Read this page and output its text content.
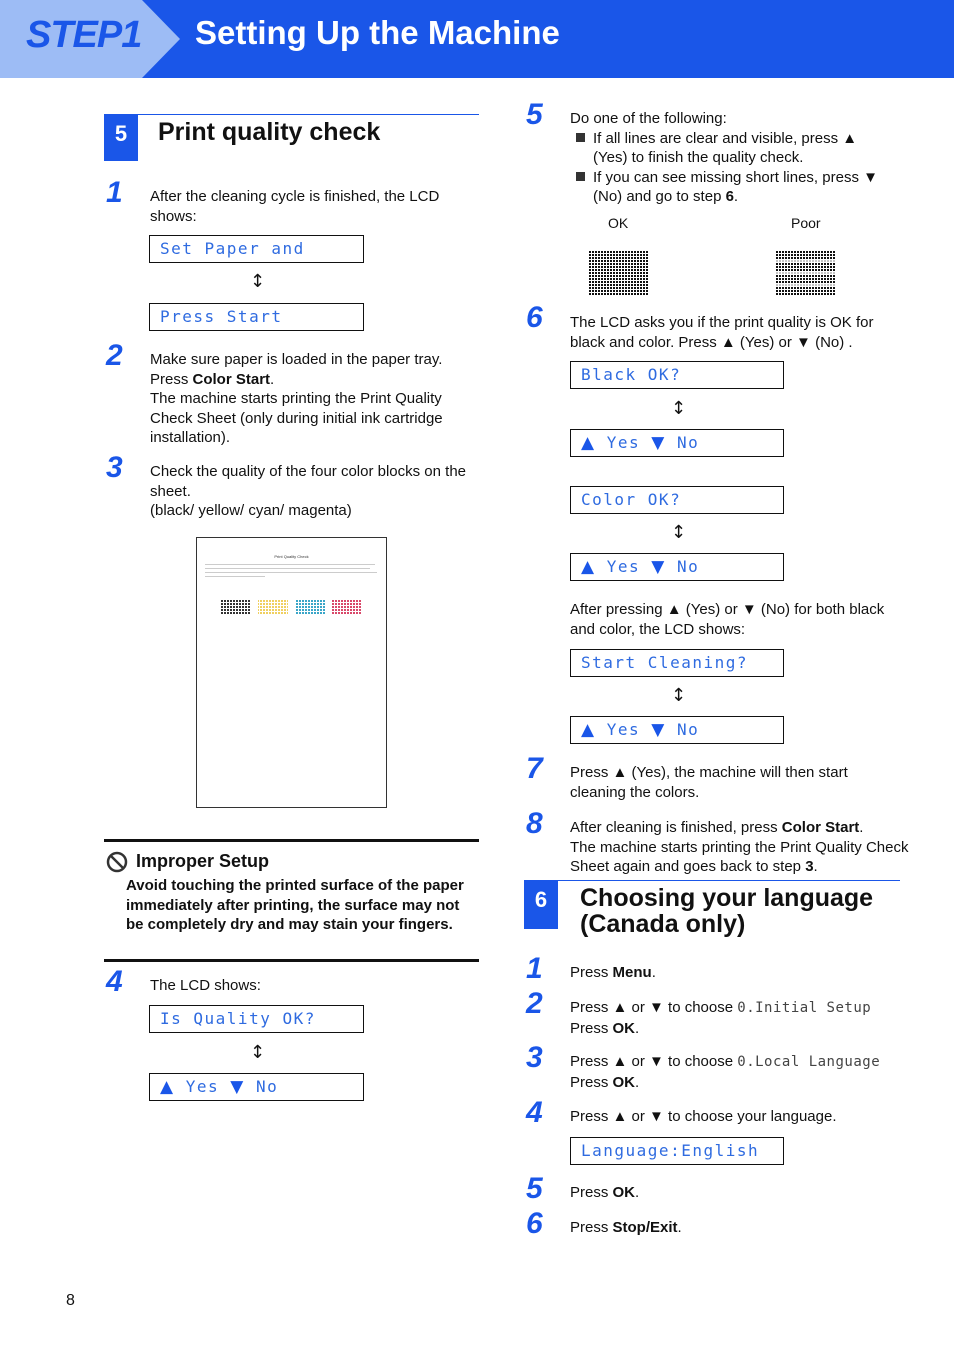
STEP1 Setting Up the Machine
5	Print quality check
1 After the cleaning cycle is finished, the LCD shows:
Set Paper and
↕
Press Start
2 Make sure paper is loaded in the paper tray.
Press Color Start.
The machine starts printing the Print Quality Check Sheet (only during initial ink cartridge installation).
3 Check the quality of the four color blocks on the sheet.
(black/ yellow/ cyan/ magenta)
Print Quality Check
Improper Setup
Avoid touching the printed surface of the paper immediately after printing, the surface may not be completely dry and may stain your fingers.
4 The LCD shows:
Is Quality OK?
↕
▲ Yes ▼ No
5 Do one of the following:
If all lines are clear and visible, press ▲
(Yes) to finish the quality check.
If you can see missing short lines, press ▼
(No) and go to step 6.
OK	Poor
6 The LCD asks you if the print quality is OK for black and color. Press ▲ (Yes) or ▼ (No) .
Black OK?
↕
▲ Yes ▼ No
Color OK?
↕
▲ Yes ▼ No
After pressing ▲ (Yes) or ▼ (No) for both black and color, the LCD shows:
Start Cleaning?
↕
▲ Yes ▼ No
7 Press ▲ (Yes), the machine will then start cleaning the colors.
8 After cleaning is finished, press Color Start.
The machine starts printing the Print Quality Check Sheet again and goes back to step 3.
6	Choosing your language
(Canada only)
1 Press Menu.
2 Press ▲ or ▼ to choose 0.Initial Setup
Press OK.
3 Press ▲ or ▼ to choose 0.Local Language
Press OK.
4 Press ▲ or ▼ to choose your language.
Language:English
5 Press OK.
6 Press Stop/Exit.
8
